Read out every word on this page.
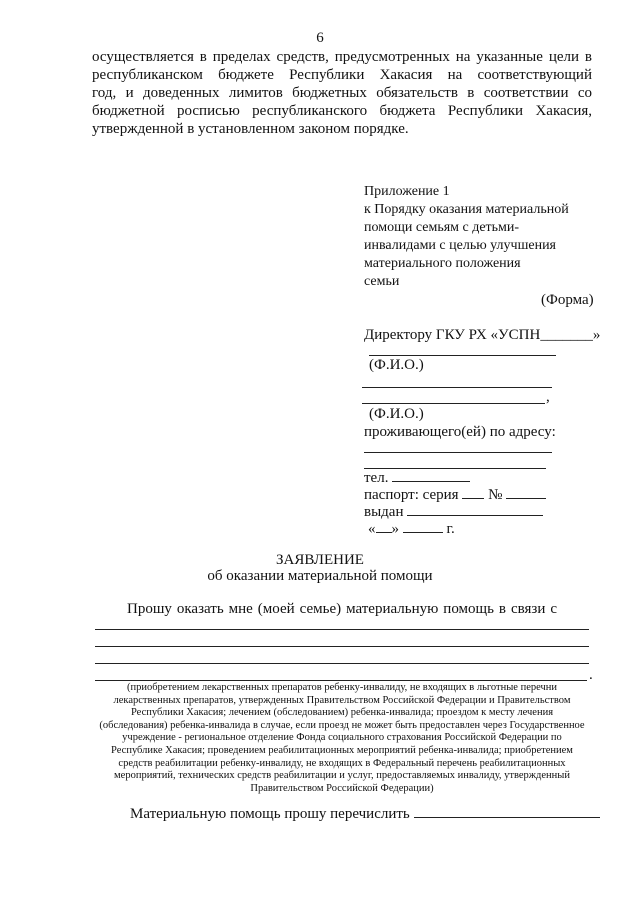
6
осуществляется в пределах средств, предусмотренных на указанные цели в
республиканском бюджете Республики Хакасия на соответствующий
год, и доведенных лимитов бюджетных обязательств в соответствии со
бюджетной росписью республиканского бюджета Республики Хакасия,
утвержденной в установленном законом порядке.
Приложение 1
к Порядку оказания материальной
помощи семьям с детьми-
инвалидами с целью улучшения
материального положения
семьи
(Форма)
Директору ГКУ РХ «УСПН_______»
(Ф.И.О.)
,
(Ф.И.О.)
проживающего(ей) по адресу:
тел.
паспорт: серия №
выдан
« »	г.
ЗАЯВЛЕНИЕ
об оказании материальной помощи
Прошу оказать мне (моей семье) материальную помощь в связи с
.
(приобретением лекарственных препаратов ребенку-инвалиду, не входящих в льготные перечни
лекарственных препаратов, утвержденных Правительством Российской Федерации и Правительством
Республики Хакасия; лечением (обследованием) ребенка-инвалида; проездом к месту лечения
(обследования) ребенка-инвалида в случае, если проезд не может быть предоставлен через Государственное
учреждение - региональное отделение Фонда социального страхования Российской Федерации по
Республике Хакасия; проведением реабилитационных мероприятий ребенка-инвалида; приобретением
средств реабилитации ребенку-инвалиду, не входящих в Федеральный перечень реабилитационных
мероприятий, технических средств реабилитации и услуг, предоставляемых инвалиду, утвержденный
Правительством Российской Федерации)
Материальную помощь прошу перечислить
